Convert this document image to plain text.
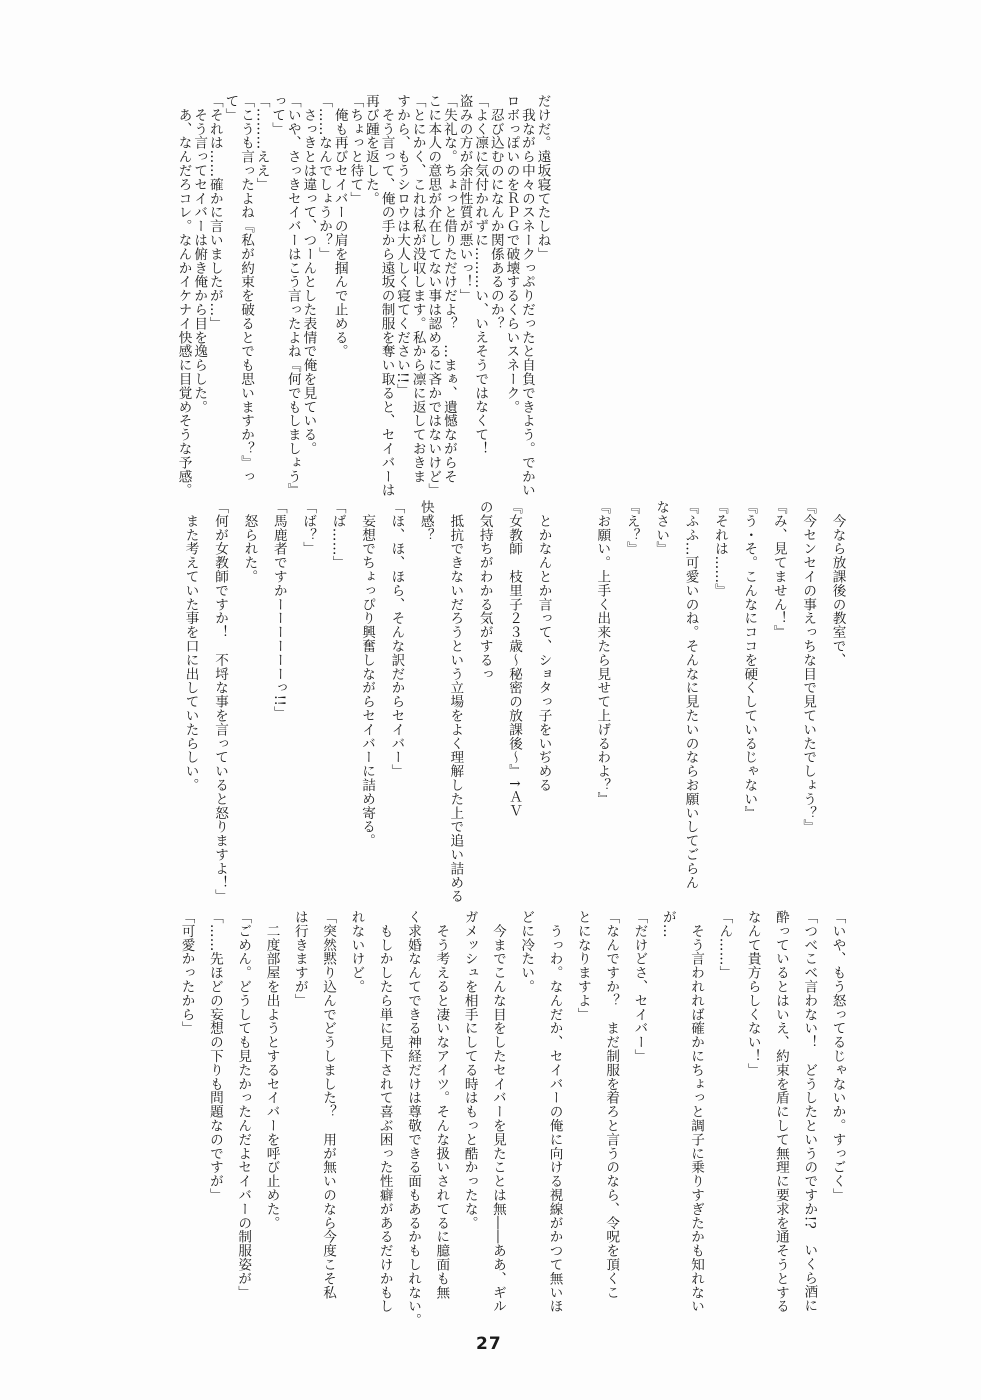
だけだ。遠坂寝てたしね」
　我ながら中々のスネークっぷりだったと自負できよう。でかい
ロボっぽいのをＲＰＧで破壊するくらいスネーク。
　忍び込むのになんか関係あるのか？
「よく凛に気付かれずに………い、いえそうではなくて！
盗みの方が余計性質が悪いっ！」
「失礼な。ちょっと借りただけだよ？　…まぁ、遺憾ながらそ
こに本人の意思が介在してない事は認めるに吝かではないけど」
「とにかく、これは私が没収します。私から凛に返しておきま
すから、もうシロウは大人しく寝てください!!」
　そう言って、俺の手から遠坂の制服を奪い取ると、セイバーは
再び踵を返した。
「ちょっと待て」
　俺も再びセイバーの肩を掴んで止める。
「……なんでしょうか？」
　さっきとは違って、つーんとした表情で俺を見ている。
「いや、さっきセイバーはこう言ったよね『何でもしましょう』
って」
「………ええ」
「こうも言ったよね『私が約束を破るとでも思いますか？』っ
て」
「それは……確かに言いましたが…」
　そう言ってセイバーは俯き俺から目を逸らした。
　あ、なんだろコレ。なんかイケナイ快感に目覚めそうな予感。
　今なら放課後の教室で、
『今センセイの事えっちな目で見ていたでしょう？』
『み、見てません！』
『う・そ。こんなにココを硬くしているじゃない』
『それは……』
『ふふ…可愛いのね。そんなに見たいのならお願いしてごらん
なさい』
『え？』
『お願い。上手く出来たら見せて上げるわよ？』
　とかなんとか言って、ショタっ子をいぢめる
『女教師　枝里子２３歳～秘密の放課後～』↑ＡＶ
の気持ちがわかる気がするっ
　抵抗できないだろうという立場をよく理解した上で追い詰める
快感？
「ほ、ほ、ほら、そんな訳だからセイバー」
　妄想でちょっぴり興奮しながらセイバーに詰め寄る。
「ば……」
「ば？」
「馬鹿者ですかーーーーーーっ!!」
　怒られた。
「何が女教師ですか！　不埒な事を言っていると怒りますよ！」
　また考えていた事を口に出していたらしい。
「いや、もう怒ってるじゃないか。すっごく」
「つべこべ言わない！　どうしたというのですか!?　いくら酒に
酔っているとはいえ、約束を盾にして無理に要求を通そうとする
なんて貴方らしくない！」
「ん……」
　そう言われれば確かにちょっと調子に乗りすぎたかも知れない
が…
「だけどさ、セイバー」
「なんですか？　まだ制服を着ろと言うのなら、令呪を頂くこ
とになりますよ」
　うっわ。なんだか、セイバーの俺に向ける視線がかつて無いほ
どに冷たい。
　今までこんな目をしたセイバーを見たことは無――ああ、ギル
ガメッシュを相手にしてる時はもっと酷かったな。
　そう考えると凄いなアイツ。そんな扱いされてるに臆面も無
く求婚なんてできる神経だけは尊敬できる面もあるかもしれない。
　もしかしたら単に見下されて喜ぶ困った性癖があるだけかもし
れないけど。
「突然黙り込んでどうしました？　用が無いのなら今度こそ私
は行きますが」
　二度部屋を出ようとするセイバーを呼び止めた。
「ごめん。どうしても見たかったんだよセイバーの制服姿が」
「……先ほどの妄想の下りも問題なのですが」
「可愛かったから」
27
